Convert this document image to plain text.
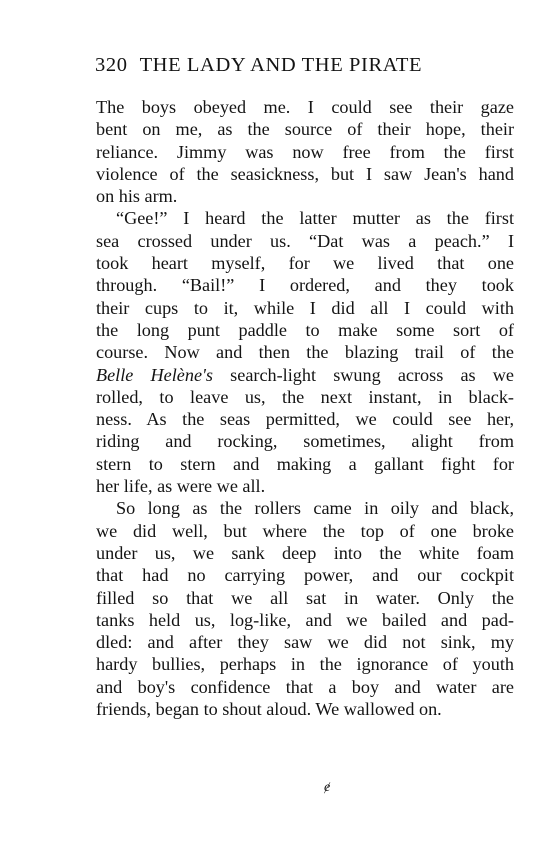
320 THE LADY AND THE PIRATE
The boys obeyed me. I could see their gaze
bent on me, as the source of their hope, their
reliance. Jimmy was now free from the first
violence of the seasickness, but I saw Jean's hand
on his arm.
“Gee!” I heard the latter mutter as the first
sea crossed under us. “Dat was a peach.” I
took heart myself, for we lived that one
through. “Bail!” I ordered, and they took
their cups to it, while I did all I could with
the long punt paddle to make some sort of
course. Now and then the blazing trail of the
Belle Helène's search-light swung across as we
rolled, to leave us, the next instant, in black-
ness. As the seas permitted, we could see her,
riding and rocking, sometimes, alight from
stern to stern and making a gallant fight for
her life, as were we all.
So long as the rollers came in oily and black,
we did well, but where the top of one broke
under us, we sank deep into the white foam
that had no carrying power, and our cockpit
filled so that we all sat in water. Only the
tanks held us, log-like, and we bailed and pad-
dled: and after they saw we did not sink, my
hardy bullies, perhaps in the ignorance of youth
and boy's confidence that a boy and water are
friends, began to shout aloud. We wallowed on.
ɇ
